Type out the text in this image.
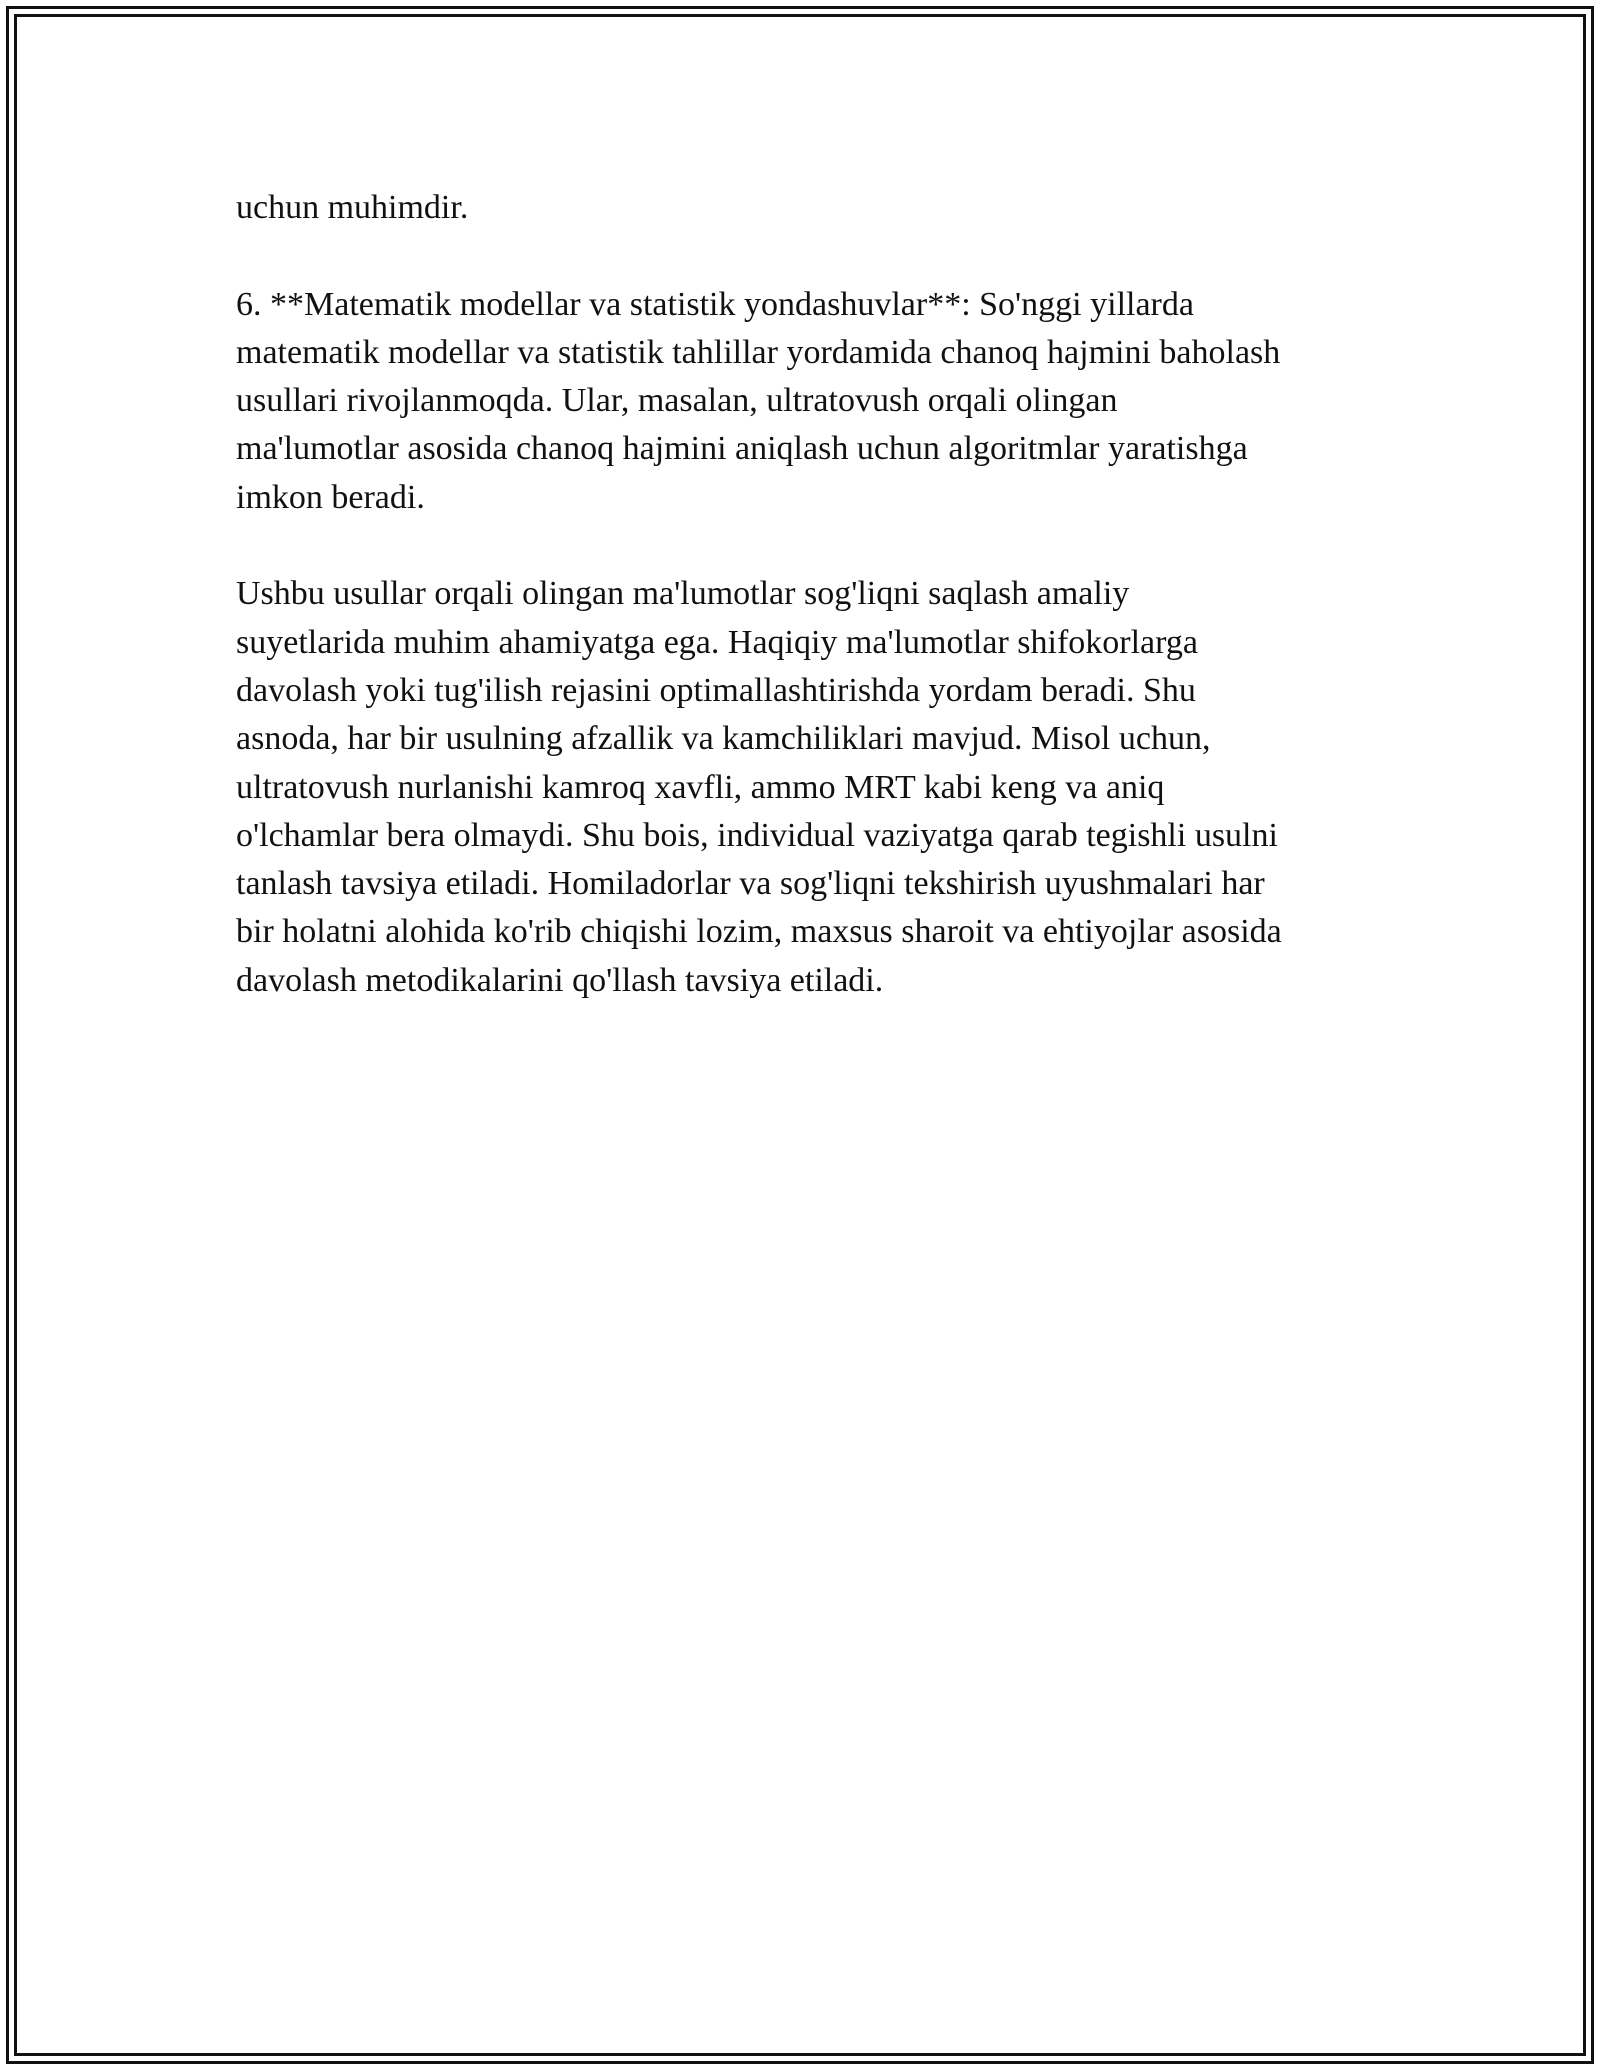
uchun muhimdir.

6. **Matematik modellar va statistik yondashuvlar**: So'nggi yillarda
matematik modellar va statistik tahlillar yordamida chanoq hajmini baholash
usullari rivojlanmoqda. Ular, masalan, ultratovush orqali olingan
ma'lumotlar asosida chanoq hajmini aniqlash uchun algoritmlar yaratishga
imkon beradi.

Ushbu usullar orqali olingan ma'lumotlar sog'liqni saqlash amaliy
suyetlarida muhim ahamiyatga ega. Haqiqiy ma'lumotlar shifokorlarga
davolash yoki tug'ilish rejasini optimallashtirishda yordam beradi. Shu
asnoda, har bir usulning afzallik va kamchiliklari mavjud. Misol uchun,
ultratovush nurlanishi kamroq xavfli, ammo MRT kabi keng va aniq
o'lchamlar bera olmaydi. Shu bois, individual vaziyatga qarab tegishli usulni
tanlash tavsiya etiladi. Homiladorlar va sog'liqni tekshirish uyushmalari har
bir holatni alohida ko'rib chiqishi lozim, maxsus sharoit va ehtiyojlar asosida
davolash metodikalarini qo'llash tavsiya etiladi.
